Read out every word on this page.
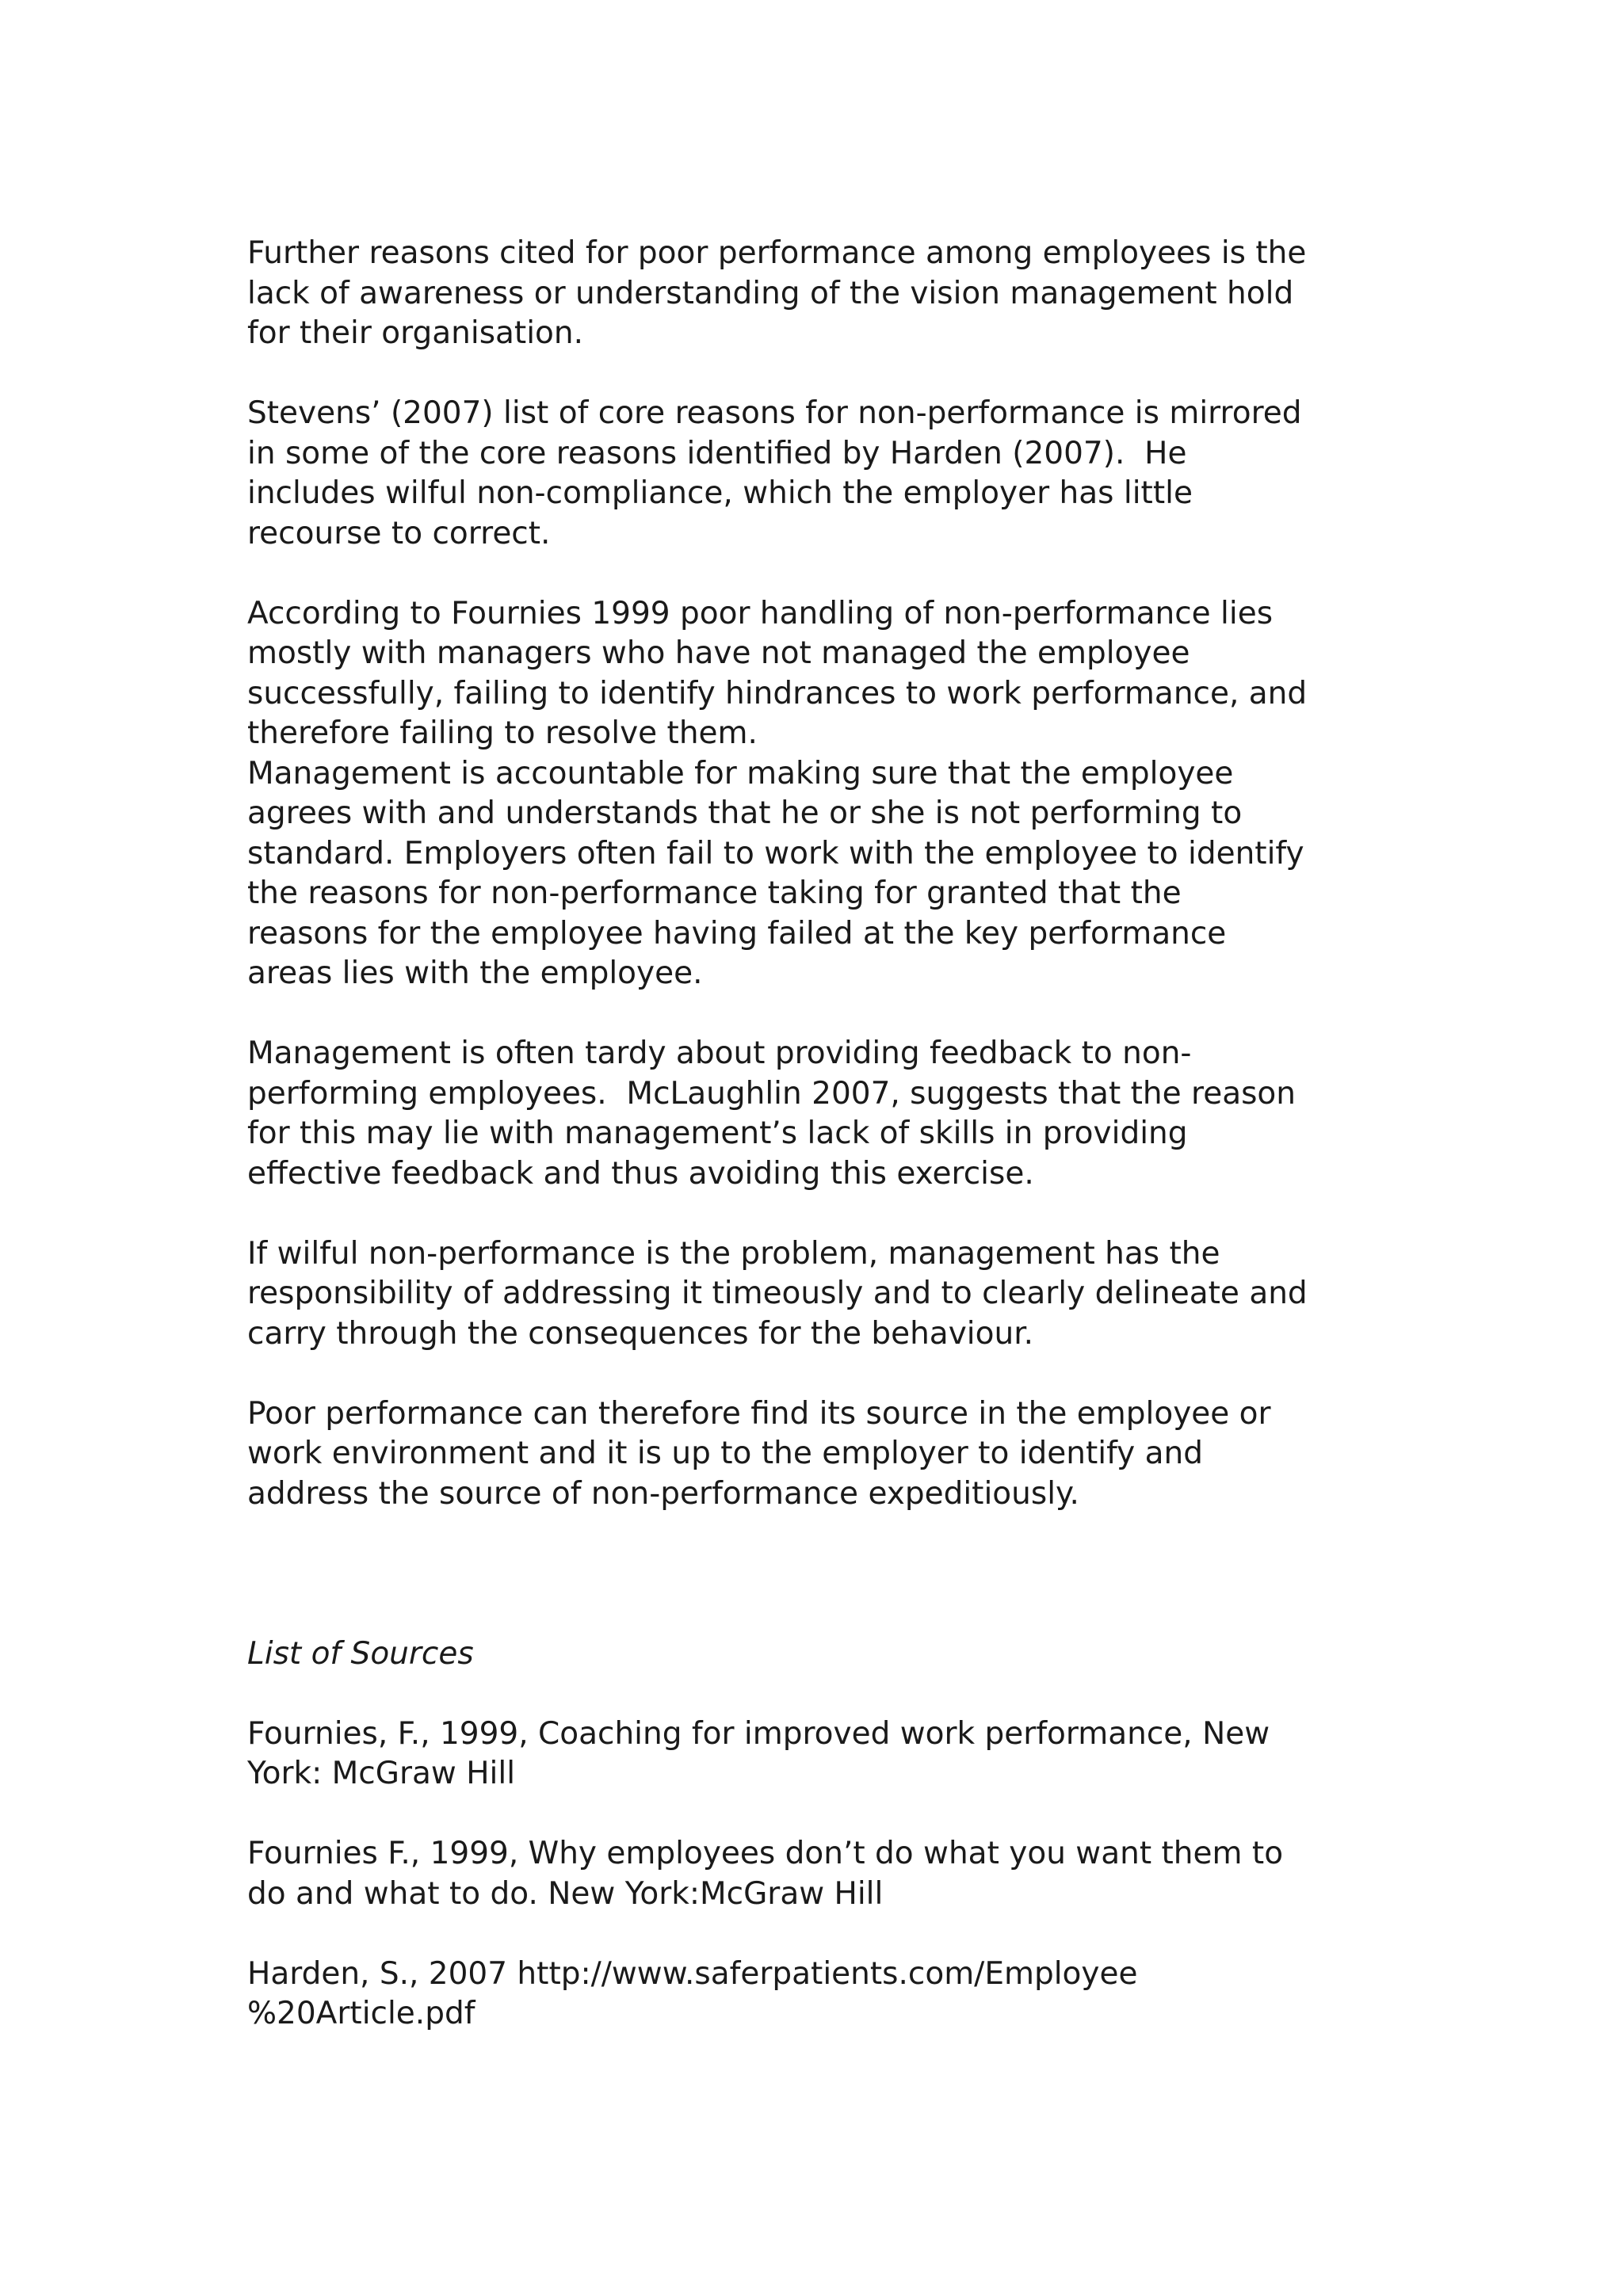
Further reasons cited for poor performance among employees is the
lack of awareness or understanding of the vision management hold
for their organisation.
Stevens’ (2007) list of core reasons for non-performance is mirrored
in some of the core reasons identified by Harden (2007).  He
includes wilful non-compliance, which the employer has little
recourse to correct.
According to Fournies 1999 poor handling of non-performance lies
mostly with managers who have not managed the employee
successfully, failing to identify hindrances to work performance, and
therefore failing to resolve them.
Management is accountable for making sure that the employee
agrees with and understands that he or she is not performing to
standard. Employers often fail to work with the employee to identify
the reasons for non-performance taking for granted that the
reasons for the employee having failed at the key performance
areas lies with the employee.
Management is often tardy about providing feedback to non-
performing employees.  McLaughlin 2007, suggests that the reason
for this may lie with management’s lack of skills in providing
effective feedback and thus avoiding this exercise.
If wilful non-performance is the problem, management has the
responsibility of addressing it timeously and to clearly delineate and
carry through the consequences for the behaviour.
Poor performance can therefore find its source in the employee or
work environment and it is up to the employer to identify and
address the source of non-performance expeditiously.
List of Sources
Fournies, F., 1999, Coaching for improved work performance, New
York: McGraw Hill
Fournies F., 1999, Why employees don’t do what you want them to
do and what to do. New York:McGraw Hill
Harden, S., 2007 http://www.saferpatients.com/Employee
%20Article.pdf
